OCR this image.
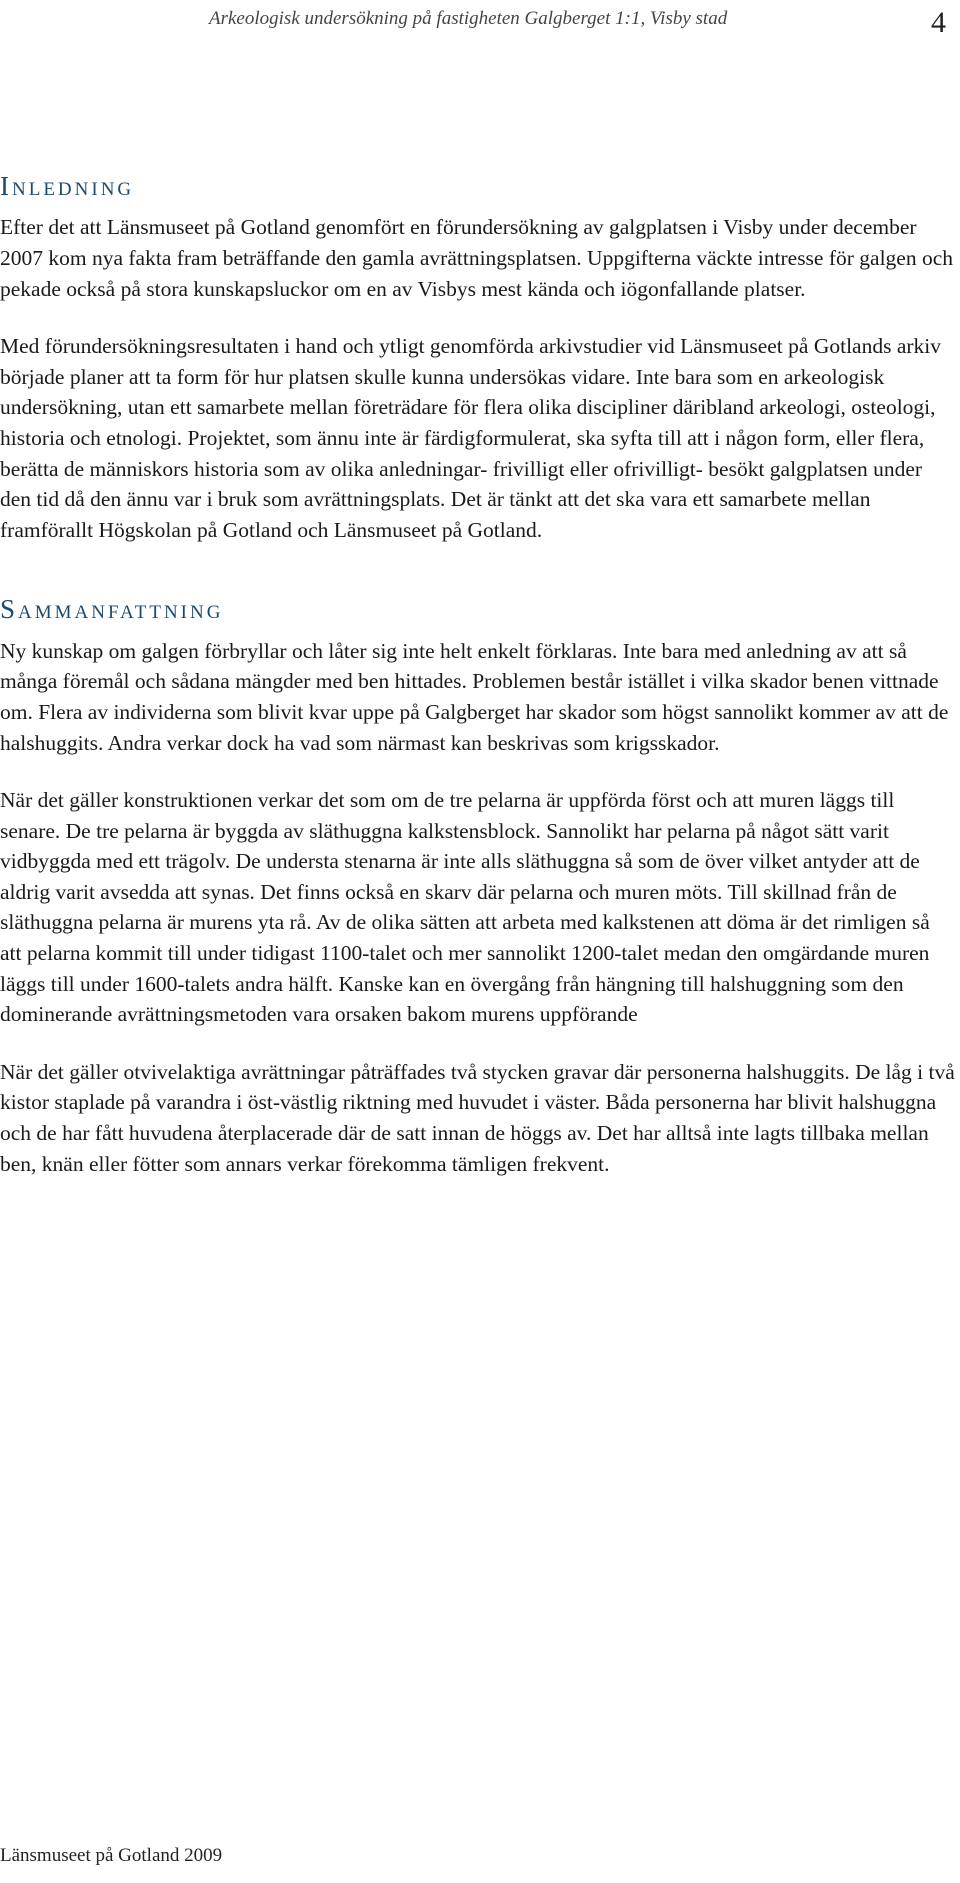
Arkeologisk undersökning på fastigheten Galgberget 1:1, Visby stad	4
Inledning

Efter det att Länsmuseet på Gotland genomfört en förundersökning av galgplatsen i Visby under december 2007 kom nya fakta fram beträffande den gamla avrättningsplatsen. Uppgifterna väckte intresse för galgen och pekade också på stora kunskapsluckor om en av Visbys mest kända och iögonfallande platser.

Med förundersökningsresultaten i hand och ytligt genomförda arkivstudier vid Länsmuseet på Gotlands arkiv började planer att ta form för hur platsen skulle kunna undersökas vidare. Inte bara som en arkeologisk undersökning, utan ett samarbete mellan företrädare för flera olika discipliner däribland arkeologi, osteologi, historia och etnologi. Projektet, som ännu inte är färdigformulerat, ska syfta till att i någon form, eller flera, berätta de människors historia som av olika anledningar- frivilligt eller ofrivilligt- besökt galgplatsen under den tid då den ännu var i bruk som avrättningsplats. Det är tänkt att det ska vara ett samarbete mellan framförallt Högskolan på Gotland och Länsmuseet på Gotland.

Sammanfattning

Ny kunskap om galgen förbryllar och låter sig inte helt enkelt förklaras. Inte bara med anledning av att så många föremål och sådana mängder med ben hittades. Problemen består istället i vilka skador benen vittnade om. Flera av individerna som blivit kvar uppe på Galgberget har skador som högst sannolikt kommer av att de halshuggits. Andra verkar dock ha vad som närmast kan beskrivas som krigsskador.

När det gäller konstruktionen verkar det som om de tre pelarna är uppförda först och att muren läggs till senare. De tre pelarna är byggda av släthuggna kalkstensblock. Sannolikt har pelarna på något sätt varit vidbyggda med ett trägolv. De understa stenarna är inte alls släthuggna så som de över vilket antyder att de aldrig varit avsedda att synas. Det finns också en skarv där pelarna och muren möts. Till skillnad från de släthuggna pelarna är murens yta rå. Av de olika sätten att arbeta med kalkstenen att döma är det rimligen så att pelarna kommit till under tidigast 1100-talet och mer sannolikt 1200-talet medan den omgärdande muren läggs till under 1600-talets andra hälft. Kanske kan en övergång från hängning till halshuggning som den dominerande avrättningsmetoden vara orsaken bakom murens uppförande

När det gäller otvivelaktiga avrättningar påträffades två stycken gravar där personerna halshuggits. De låg i två kistor staplade på varandra i öst-västlig riktning med huvudet i väster. Båda personerna har blivit halshuggna och de har fått huvudena återplacerade där de satt innan de höggs av. Det har alltså inte lagts tillbaka mellan ben, knän eller fötter som annars verkar förekomma tämligen frekvent.

Länsmuseet på Gotland 2009
